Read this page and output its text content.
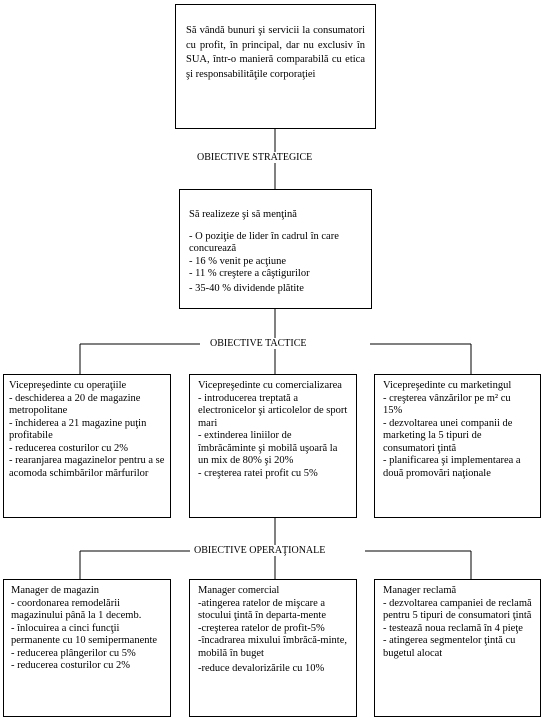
Să vândă bunuri şi servicii la consumatori cu profit, în principal, dar nu exclusiv în SUA, într-o manieră comparabilă cu etica şi responsabilităţile corporaţiei

OBIECTIVE STRATEGICE

Să realizeze şi să menţină

- O poziţie de lider în cadrul în care concurează

- 16 % venit pe acţiune

- 11 % creştere a câştigurilor

- 35-40 % dividende plătite

OBIECTIVE TACTICE

Vicepreşedinte cu operaţiile

- deschiderea a 20 de magazine metropolitane

- închiderea a 21 magazine puţin profitabile

- reducerea costurilor cu 2%

- rearanjarea magazinelor pentru a se acomoda schimbărilor mărfurilor

Vicepreşedinte cu comercializarea

- introducerea treptată a electronicelor şi articolelor de sport mari

- extinderea liniilor de îmbrăcăminte şi mobilă uşoară la un mix de 80% şi 20%

- creşterea ratei profit cu 5%

Vicepreşedinte cu marketingul

- creşterea vânzărilor pe m² cu 15%

- dezvoltarea unei companii de marketing la 5 tipuri de consumatori ţintă

- planificarea şi implementarea a două promovări naţionale

OBIECTIVE OPERAŢIONALE

Manager de magazin

- coordonarea remodelării magazinului până la 1 decemb.

- înlocuirea a cinci funcţii permanente cu 10 semipermanente

- reducerea plângerilor cu 5%

- reducerea costurilor cu 2%

Manager comercial

-atingerea ratelor de mişcare a stocului ţintă în departa-mente

-creşterea ratelor de profit-5%

-încadrarea mixului îmbrăcă-minte, mobilă în buget

-reduce devalorizările cu 10%

Manager reclamă

- dezvoltarea campaniei de reclamă pentru 5 tipuri de consumatori ţintă

- testează noua reclamă în 4 pieţe

- atingerea segmentelor ţintă cu bugetul alocat
